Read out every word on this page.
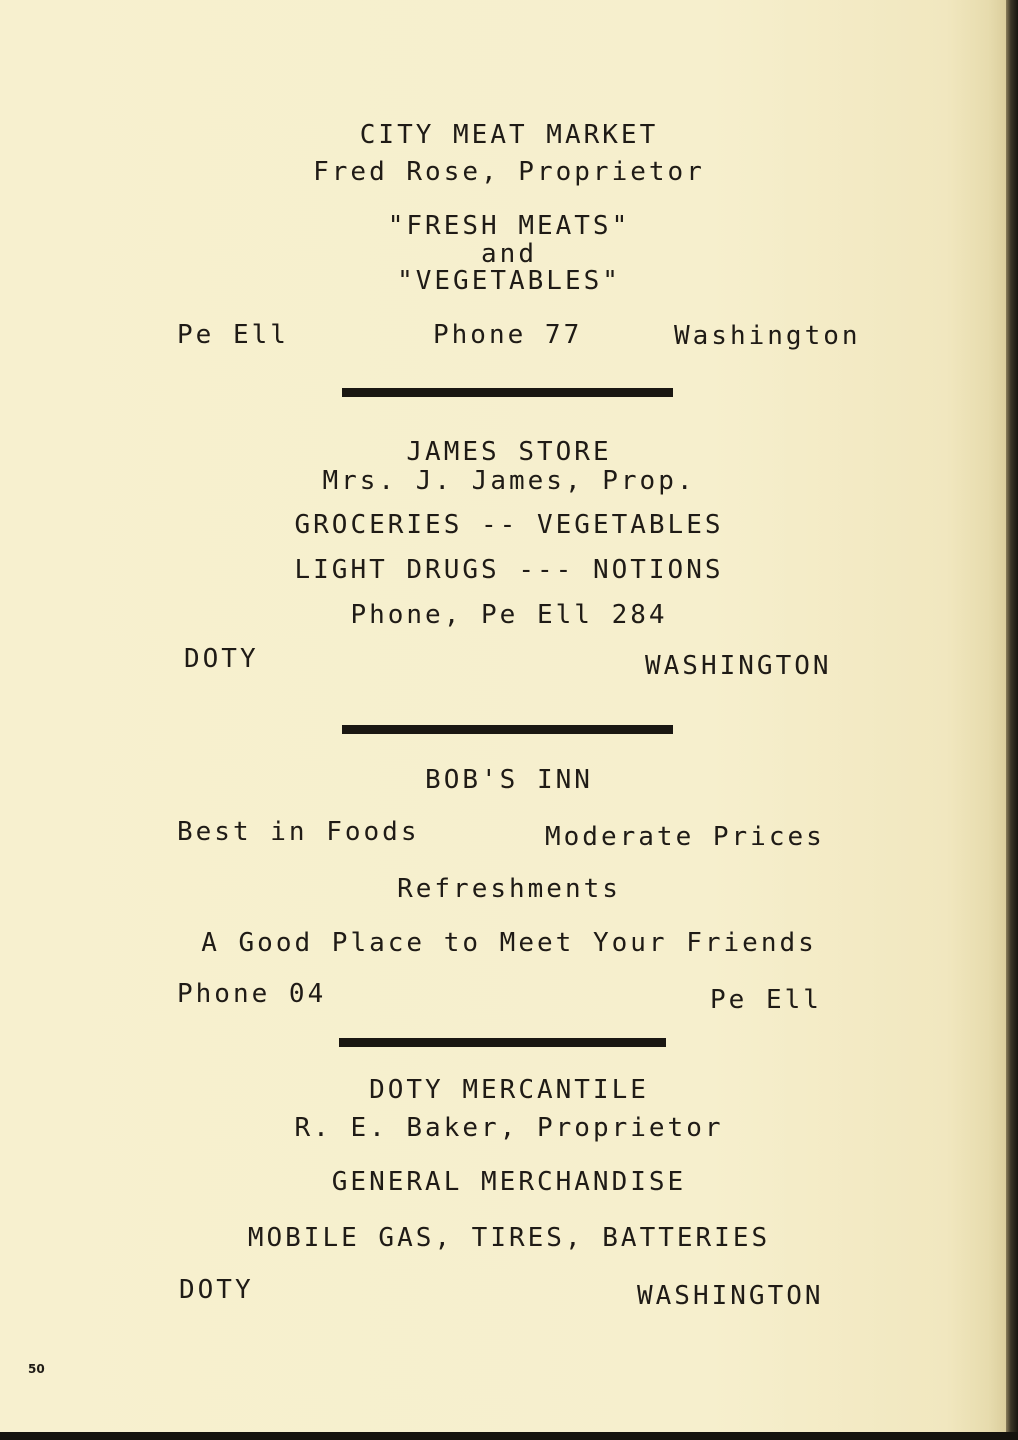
CITY MEAT MARKET
Fred Rose, Proprietor
"FRESH MEATS"
and
"VEGETABLES"
Pe Ell	Phone 77	Washington
JAMES STORE
Mrs. J. James, Prop.
GROCERIES -- VEGETABLES
LIGHT DRUGS --- NOTIONS
Phone, Pe Ell 284
DOTY	WASHINGTON
BOB'S INN
Best in Foods	Moderate Prices
Refreshments
A Good Place to Meet Your Friends
Phone 04	Pe Ell
DOTY MERCANTILE
R. E. Baker, Proprietor
GENERAL MERCHANDISE
MOBILE GAS, TIRES, BATTERIES
DOTY	WASHINGTON
50
